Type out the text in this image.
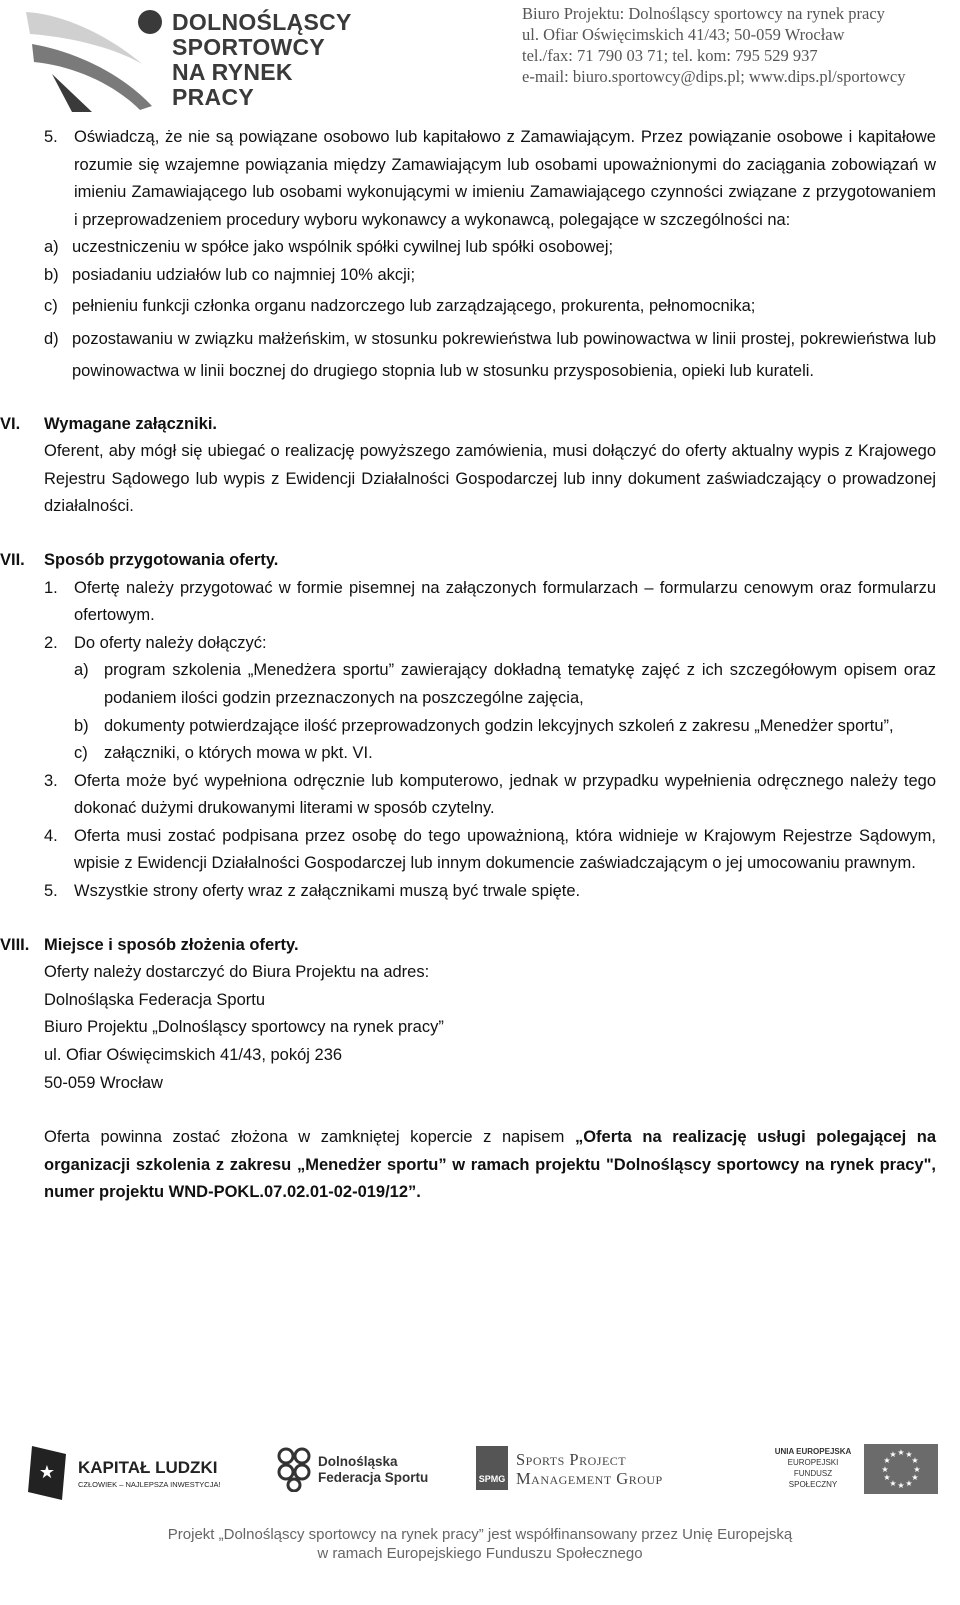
DOLNOŚLĄSCY
SPORTOWCY
NA RYNEK PRACY
Biuro Projektu: Dolnośląscy sportowcy na rynek pracy
ul. Ofiar Oświęcimskich 41/43; 50-059 Wrocław
tel./fax: 71 790 03 71; tel. kom: 795 529 937
e-mail: biuro.sportowcy@dips.pl; www.dips.pl/sportowcy
5. Oświadczą, że nie są powiązane osobowo lub kapitałowo z Zamawiającym. Przez powiązanie osobowe i kapitałowe rozumie się wzajemne powiązania między Zamawiającym lub osobami upoważnionymi do zaciągania zobowiązań w imieniu Zamawiającego lub osobami wykonującymi w imieniu Zamawiającego czynności związane z przygotowaniem i przeprowadzeniem procedury wyboru wykonawcy a wykonawcą, polegające w szczególności na:
a) uczestniczeniu w spółce jako wspólnik spółki cywilnej lub spółki osobowej;
b) posiadaniu udziałów lub co najmniej 10% akcji;
c) pełnieniu funkcji członka organu nadzorczego lub zarządzającego, prokurenta, pełnomocnika;
d) pozostawaniu w związku małżeńskim, w stosunku pokrewieństwa lub powinowactwa w linii prostej, pokrewieństwa lub powinowactwa w linii bocznej do drugiego stopnia lub w stosunku przysposobienia, opieki lub kurateli.
VI. Wymagane załączniki.
Oferent, aby mógł się ubiegać o realizację powyższego zamówienia, musi dołączyć do oferty aktualny wypis z Krajowego Rejestru Sądowego lub wypis z Ewidencji Działalności Gospodarczej lub inny dokument zaświadczający o prowadzonej działalności.
VII. Sposób przygotowania oferty.
1. Ofertę należy przygotować w formie pisemnej na załączonych formularzach – formularzu cenowym oraz formularzu ofertowym.
2. Do oferty należy dołączyć:
a) program szkolenia „Menedżera sportu” zawierający dokładną tematykę zajęć z ich szczegółowym opisem oraz podaniem ilości godzin przeznaczonych na poszczególne zajęcia,
b) dokumenty potwierdzające ilość przeprowadzonych godzin lekcyjnych szkoleń z zakresu „Menedżer sportu”,
c) załączniki, o których mowa w pkt. VI.
3. Oferta może być wypełniona odręcznie lub komputerowo, jednak w przypadku wypełnienia odręcznego należy tego dokonać dużymi drukowanymi literami w sposób czytelny.
4. Oferta musi zostać podpisana przez osobę do tego upoważnioną, która widnieje w Krajowym Rejestrze Sądowym, wpisie z Ewidencji Działalności Gospodarczej lub innym dokumencie zaświadczającym o jej umocowaniu prawnym.
5. Wszystkie strony oferty wraz z załącznikami muszą być trwale spięte.
VIII. Miejsce i sposób złożenia oferty.
Oferty należy dostarczyć do Biura Projektu na adres:
Dolnośląska Federacja Sportu
Biuro Projektu „Dolnośląscy sportowcy na rynek pracy”
ul. Ofiar Oświęcimskich 41/43, pokój 236
50-059 Wrocław
Oferta powinna zostać złożona w zamkniętej kopercie z napisem „Oferta na realizację usługi polegającej na organizacji szkolenia z zakresu „Menedżer sportu” w ramach projektu "Dolnośląscy sportowcy na rynek pracy", numer projektu WND-POKL.07.02.01-02-019/12”.
★ KAPITAŁ LUDZKI
CZŁOWIEK – NAJLEPSZA INWESTYCJA!
Dolnośląska
Federacja Sportu	SPMG
Sports Project
Management Group
UNIA EUROPEJSKA
EUROPEJSKI
FUNDUSZ SPOŁECZNY
★ ★
★
★
★
★
★
★
★
★
★
★
Projekt „Dolnośląscy sportowcy na rynek pracy” jest współfinansowany przez Unię Europejską
w ramach Europejskiego Funduszu Społecznego
